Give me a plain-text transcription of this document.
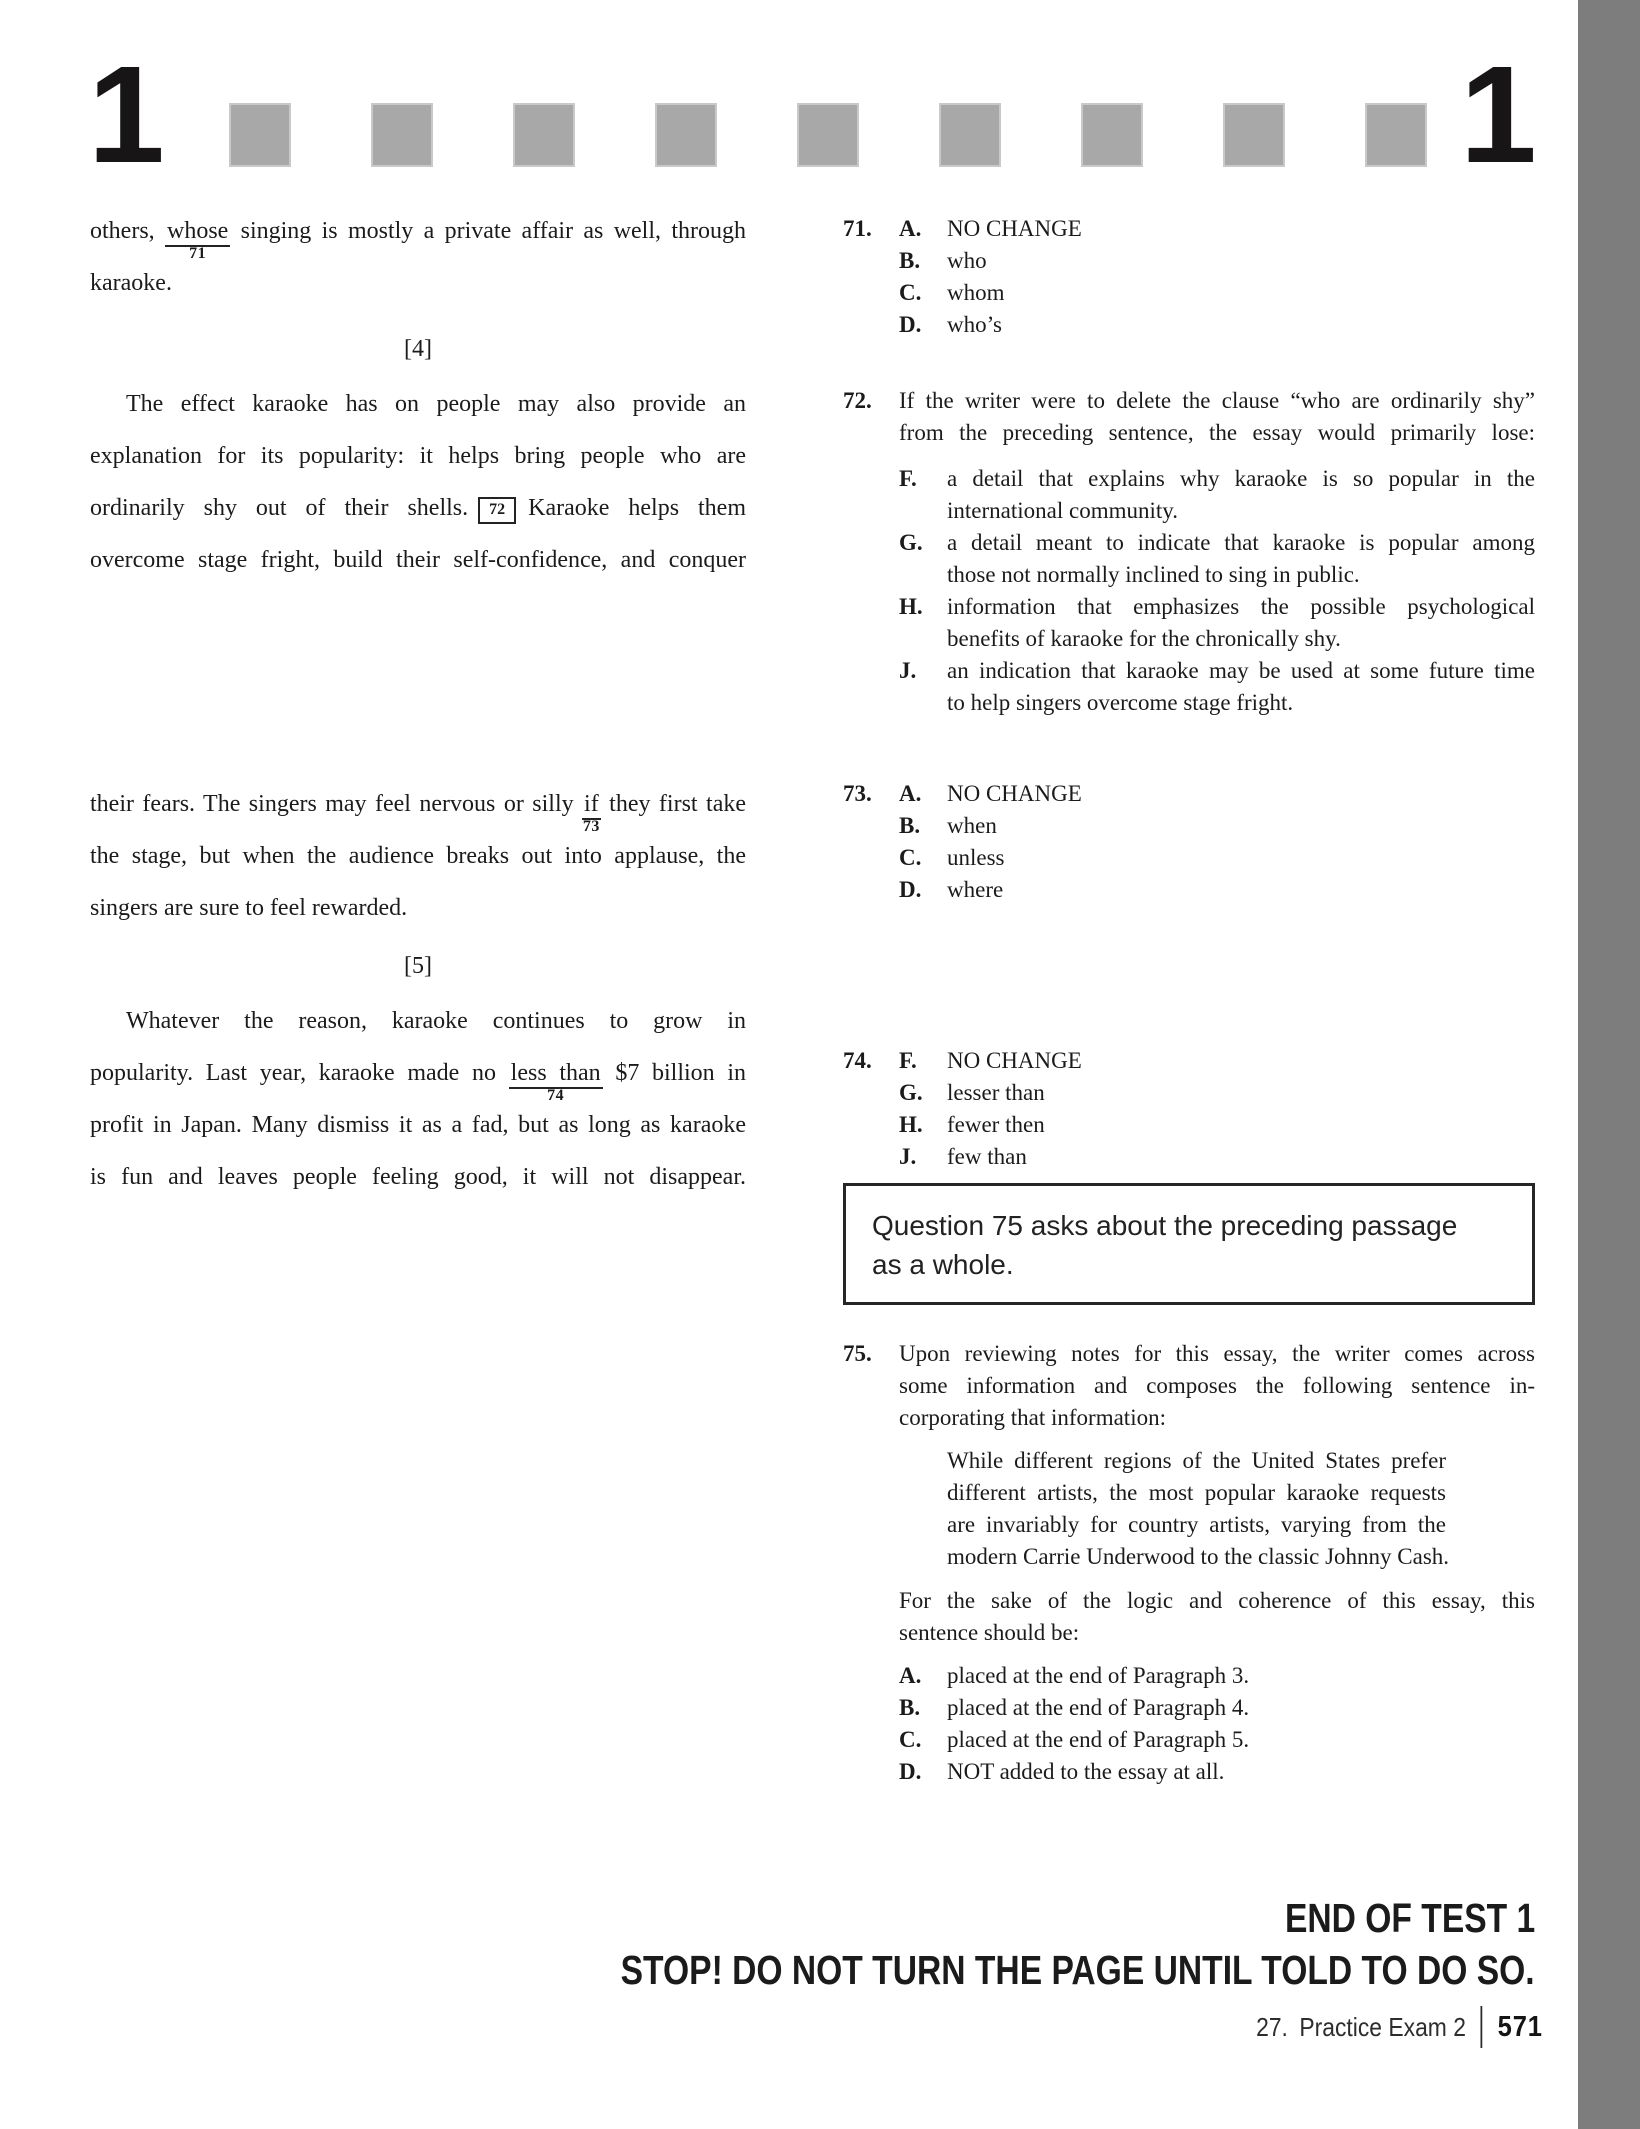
1	1
others, whose
71
singing is mostly a private affair as well, through
karaoke.
[4]
The effect karaoke has on people may also provide an
explanation for its popularity: it helps bring people who are
ordinarily shy out of their shells. 72 Karaoke helps them
overcome stage fright, build their self-confidence, and conquer
their fears. The singers may feel nervous or silly if
73
they first take
the stage, but when the audience breaks out into applause, the
singers are sure to feel rewarded.
[5]
Whatever the reason, karaoke continues to grow in
popularity. Last year, karaoke made no less than
74
$7 billion in
profit in Japan. Many dismiss it as a fad, but as long as karaoke
is fun and leaves people feeling good, it will not disappear.
71.	A.	NO CHANGE
B.	who
C.	whom
D.	who’s
72.	If the writer were to delete the clause “who are ordinarily shy”
from the preceding sentence, the essay would primarily lose:
F.	a detail that explains why karaoke is so popular in the
international community.
G.	a detail meant to indicate that karaoke is popular among
those not normally inclined to sing in public.
H.	information that emphasizes the possible psychological
benefits of karaoke for the chronically shy.
J.	an indication that karaoke may be used at some future time
to help singers overcome stage fright.
73.	A.	NO CHANGE
B.	when
C.	unless
D.	where
74.	F.	NO CHANGE
G.	lesser than
H.	fewer then
J.	few than
Question 75 asks about the preceding passage
as a whole.
75.	Upon reviewing notes for this essay, the writer comes across
some information and composes the following sentence in-
corporating that information:
While different regions of the United States prefer
different artists, the most popular karaoke requests
are invariably for country artists, varying from the
modern Carrie Underwood to the classic Johnny Cash.
For the sake of the logic and coherence of this essay, this
sentence should be:
A.	placed at the end of Paragraph 3.
B.	placed at the end of Paragraph 4.
C.	placed at the end of Paragraph 5.
D.	NOT added to the essay at all.
END OF TEST 1
STOP! DO NOT TURN THE PAGE UNTIL TOLD TO DO SO.
27. Practice Exam 2 571
